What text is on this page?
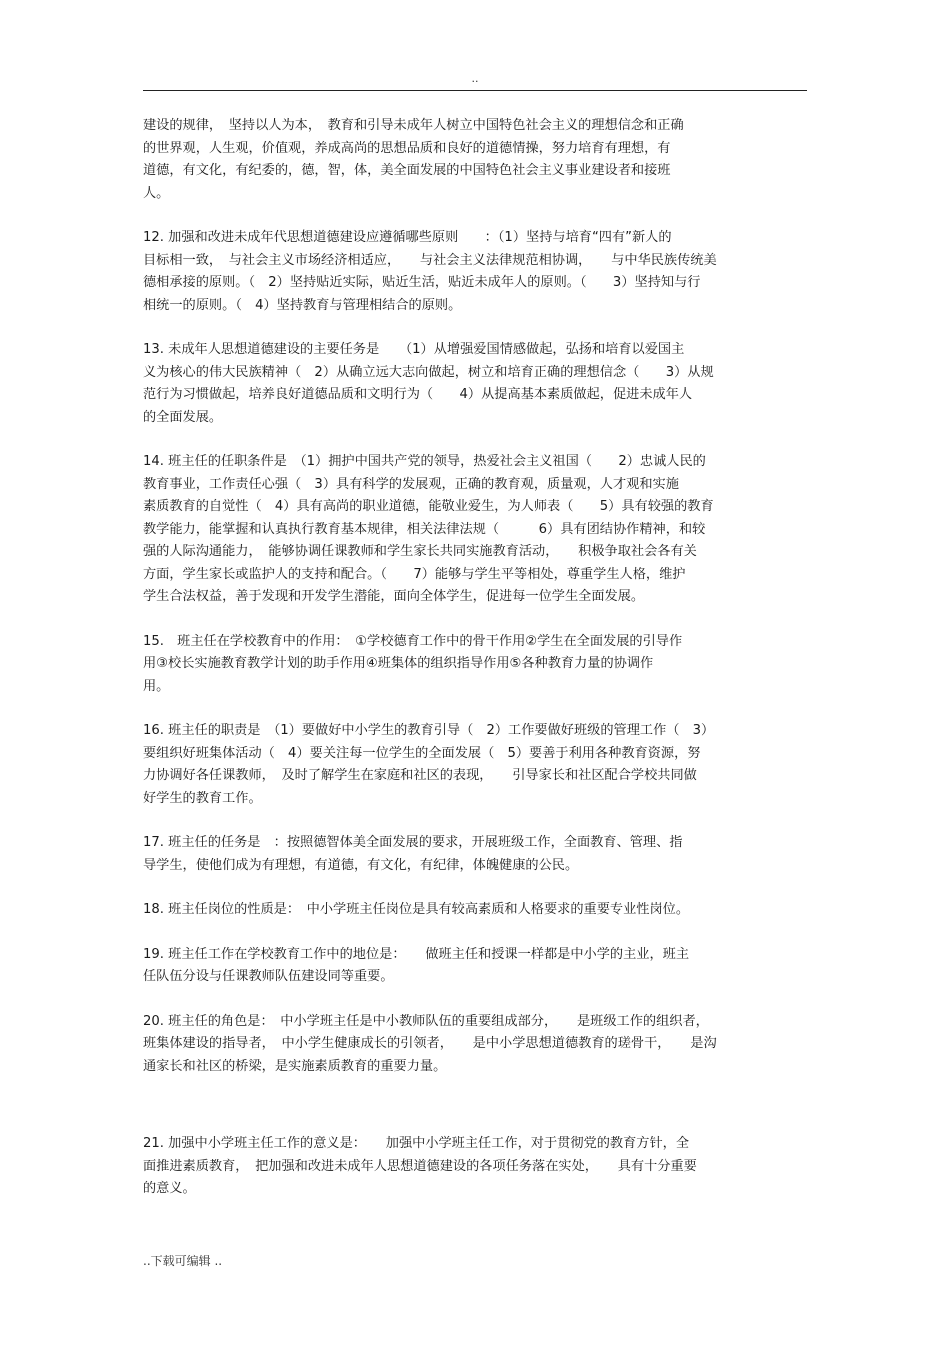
..

建设的规律，　坚持以人为本，　教育和引导未成年人树立中国特色社会主义的理想信念和正确
的世界观，人生观，价值观，养成高尚的思想品质和良好的道德情操，努力培育有理想，有
道德，有文化，有纪委的，德，智，体，美全面发展的中国特色社会主义事业建设者和接班
人。

12. 加强和改进未成年代思想道德建设应遵循哪些原则　　：（1）坚持与培育“四有”新人的
目标相一致，　与社会主义市场经济相适应，　　与社会主义法律规范相协调，　　与中华民族传统美
德相承接的原则。（　2）坚持贴近实际，贴近生活，贴近未成年人的原则。（　　3）坚持知与行
相统一的原则。（　4）坚持教育与管理相结合的原则。

13. 未成年人思想道德建设的主要任务是　　（1）从增强爱国情感做起，弘扬和培育以爱国主
义为核心的伟大民族精神（　2）从确立远大志向做起，树立和培育正确的理想信念（　　3）从规
范行为习惯做起，培养良好道德品质和文明行为（　　4）从提高基本素质做起，促进未成年人
的全面发展。

14. 班主任的任职条件是　（1）拥护中国共产党的领导，热爱社会主义祖国（　　2）忠诚人民的
教育事业，工作责任心强（　3）具有科学的发展观，正确的教育观，质量观，人才观和实施
素质教育的自觉性（　4）具有高尚的职业道德，能敬业爱生，为人师表（　　5）具有较强的教育
教学能力，能掌握和认真执行教育基本规律，相关法律法规（　　　6）具有团结协作精神，和较
强的人际沟通能力，　能够协调任课教师和学生家长共同实施教育活动，　　积极争取社会各有关
方面，学生家长或监护人的支持和配合。（　　7）能够与学生平等相处，尊重学生人格，维护
学生合法权益，善于发现和开发学生潜能，面向全体学生，促进每一位学生全面发展。

15.　班主任在学校教育中的作用：　①学校德育工作中的骨干作用②学生在全面发展的引导作
用③校长实施教育教学计划的助手作用④班集体的组织指导作用⑤各种教育力量的协调作
用。

16. 班主任的职责是　（1）要做好中小学生的教育引导（　2）工作要做好班级的管理工作（　3）
要组织好班集体活动（　4）要关注每一位学生的全面发展（　5）要善于利用各种教育资源，努
力协调好各任课教师，　及时了解学生在家庭和社区的表现，　　引导家长和社区配合学校共同做
好学生的教育工作。

17. 班主任的任务是　：按照德智体美全面发展的要求，开展班级工作，全面教育、管理、指
导学生，使他们成为有理想，有道德，有文化，有纪律，体魄健康的公民。

18. 班主任岗位的性质是：　中小学班主任岗位是具有较高素质和人格要求的重要专业性岗位。

19. 班主任工作在学校教育工作中的地位是：　　做班主任和授课一样都是中小学的主业，班主
任队伍分设与任课教师队伍建设同等重要。

20. 班主任的角色是：　中小学班主任是中小教师队伍的重要组成部分，　　是班级工作的组织者，
班集体建设的指导者，　中小学生健康成长的引领者，　　是中小学思想道德教育的瑳骨干，　　是沟
通家长和社区的桥梁，是实施素质教育的重要力量。

21. 加强中小学班主任工作的意义是：　　加强中小学班主任工作，对于贯彻党的教育方针，全
面推进素质教育，　把加强和改进未成年人思想道德建设的各项任务落在实处，　　具有十分重要
的意义。

..下载可编辑 ..
